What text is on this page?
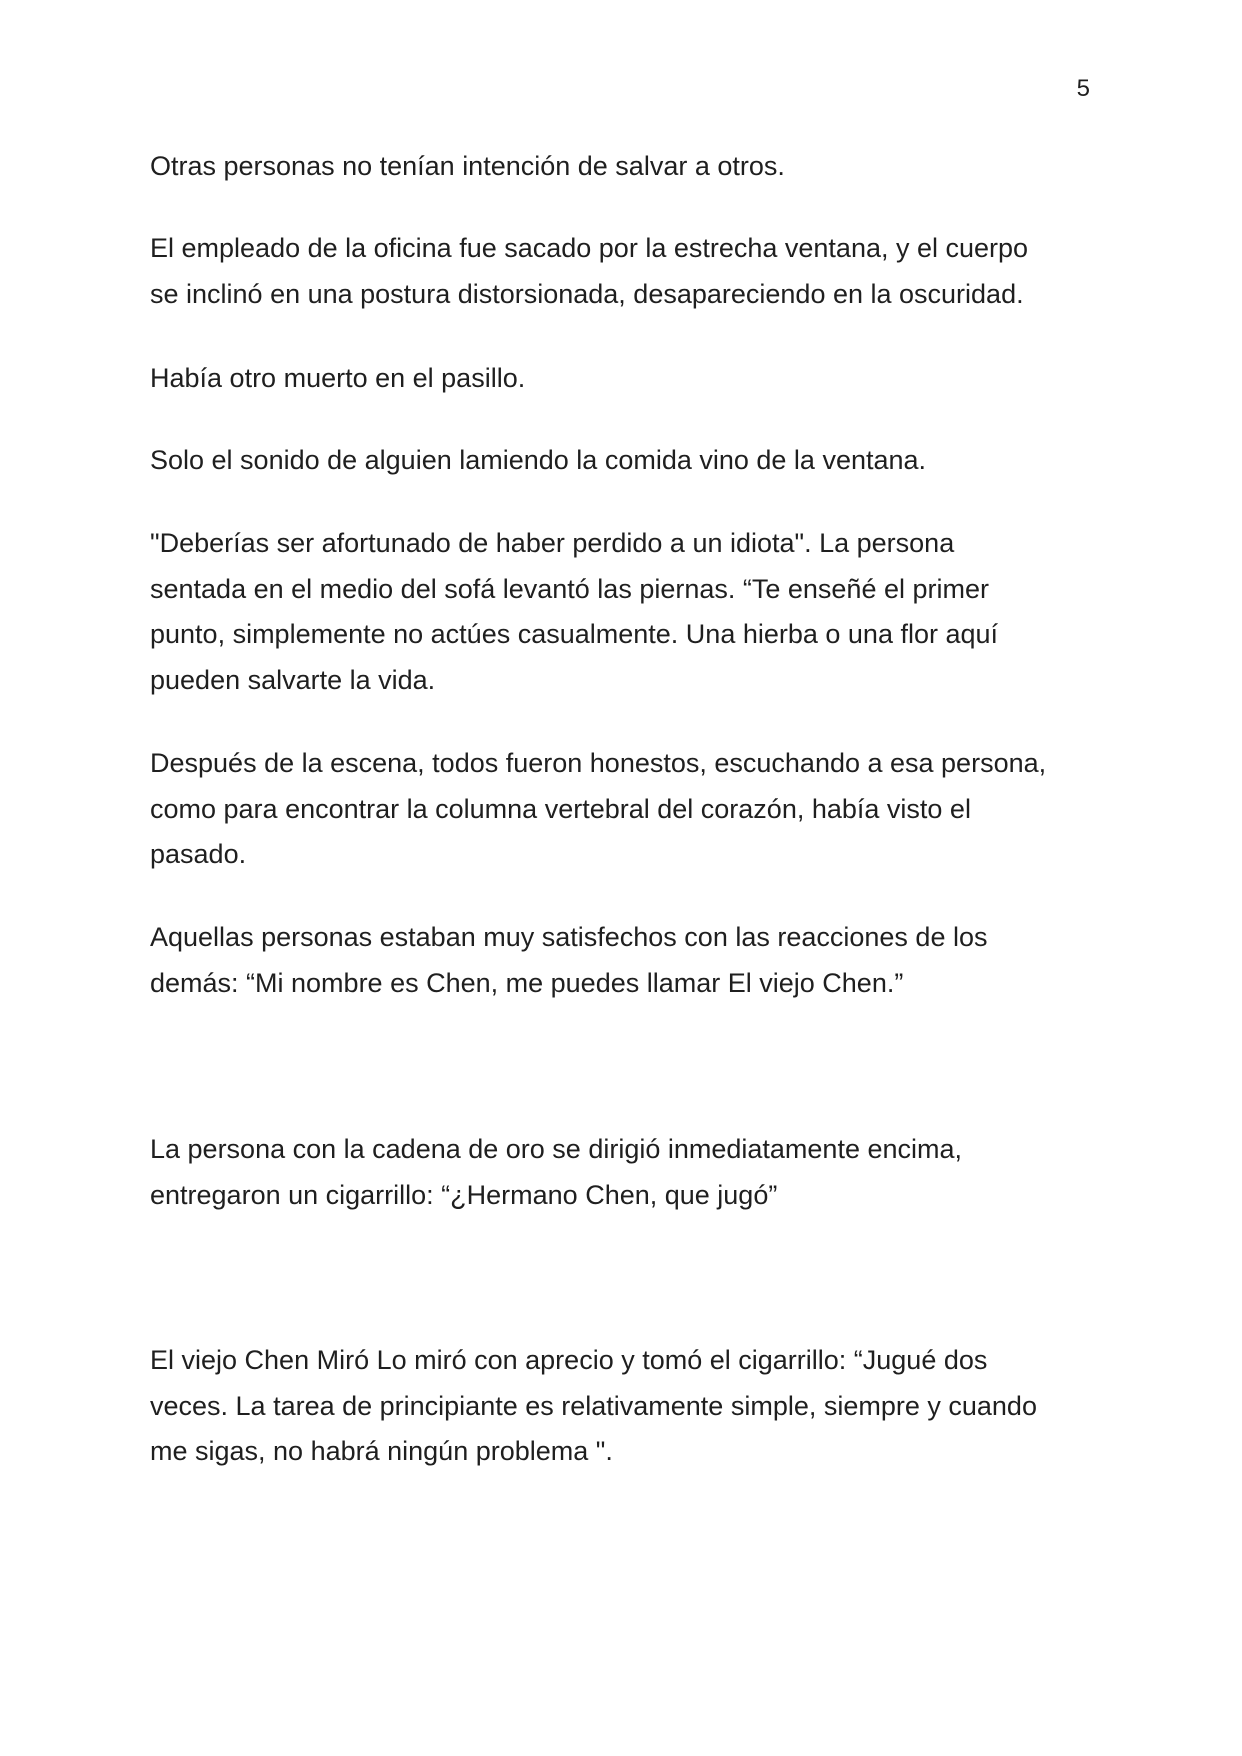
5

Otras personas no tenían intención de salvar a otros.

El empleado de la oficina fue sacado por la estrecha ventana, y el cuerpo
se inclinó en una postura distorsionada, desapareciendo en la oscuridad.

Había otro muerto en el pasillo.

Solo el sonido de alguien lamiendo la comida vino de la ventana.

"Deberías ser afortunado de haber perdido a un idiota". La persona
sentada en el medio del sofá levantó las piernas. “Te enseñé el primer
punto, simplemente no actúes casualmente. Una hierba o una flor aquí
pueden salvarte la vida.

Después de la escena, todos fueron honestos, escuchando a esa persona,
como para encontrar la columna vertebral del corazón, había visto el
pasado.

Aquellas personas estaban muy satisfechos con las reacciones de los
demás: “Mi nombre es Chen, me puedes llamar El viejo Chen.”

La persona con la cadena de oro se dirigió inmediatamente encima,
entregaron un cigarrillo: “¿Hermano Chen, que jugó”

El viejo Chen Miró Lo miró con aprecio y tomó el cigarrillo: “Jugué dos
veces. La tarea de principiante es relativamente simple, siempre y cuando
me sigas, no habrá ningún problema ".
